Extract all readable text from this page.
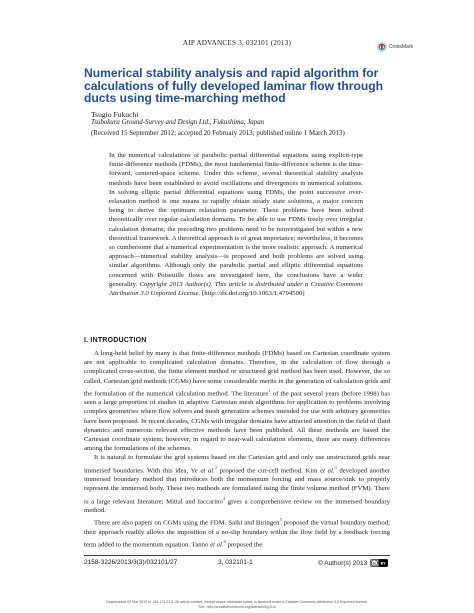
AIP ADVANCES 3, 032101 (2013)	CrossMark
Numerical stability analysis and rapid algorithm for calculations of fully developed laminar flow through ducts using time-marching method
Tsugio Fukuchi
Tsubokura Ground-Survey and Design Ltd., Fukushima, Japan
(Received 15 September 2012; accepted 20 February 2013; published online 1 March 2013)
In the numerical calculations of parabolic partial differential equations using explicit-type finite-difference methods (FDMs), the most fundamental finite-difference scheme is the time-forward, centered-space scheme. Under this scheme, several theoretical stability analysis methods have been established to avoid oscillations and divergences in numerical solutions. In solving elliptic partial differential equations using FDMs, the point successive over-relaxation method is one means to rapidly obtain steady state solutions, a major concern being to derive the optimum relaxation parameter. These problems have been solved theoretically over regular calculation domains. To be able to use FDMs freely over irregular calculation domains, the preceding two problems need to be reinvestigated but within a new theoretical framework. A theoretical approach is of great importance; nevertheless, it becomes so cumbersome that a numerical experimentation is the more realistic approach. A numerical approach—numerical stability analysis—is proposed and both problems are solved using similar algorithms. Although only the parabolic partial and elliptic differential equations concerned with Poiseuille flows are investigated here, the conclusions have a wider generality. Copyright 2013 Author(s). This article is distributed under a Creative Commons Attribution 3.0 Unported License. [http://dx.doi.org/10.1063/1.4794500]
I. INTRODUCTION

A long-held belief by many is that finite-difference methods (FDMs) based on Cartesian coordinate system are not applicable to complicated calculation domains. Therefore, in the calculation of flow through a complicated cross-section, the finite element method or structured grid method has been used. However, the so called, Cartesian grid methods (CGMs) have some considerable merits in the generation of calculation grids and the formulation of the numerical calculation method. The literature$^1$ of the past several years (before 1998) has seen a large proportion of studies in adaptive Cartesian mesh algorithms for application to problems involving complex geometries where flow solvers and mesh generation schemes intended for use with arbitrary geometries have been proposed. In recent decades, CGMs with irregular domains have attracted attention in the field of fluid dynamics and numerous relevant effective methods have been published. All these methods are based the Cartesian coordinate system; however, in regard to near-wall calculation elements, there are many differences among the formulations of the schemes.

It is natural to formulate the grid systems based on the Cartesian grid and only use unstructured grids near immersed boundaries. With this idea, Ye et al.$^2$ proposed the cut-cell method. Kim et al.$^3$ developed another immersed boundary method that introduces both the momentum forcing and mass source/sink to properly represent the immersed body. These two methods are formulated using the finite volume method (FVM). There is a large relevant literature; Mittal and Iaccarino$^4$ gives a comprehensive review on the immersed boundary method.

There are also papers on CGMs using the FDM. Saiki and Biringen$^5$ proposed the virtual boundary method; their approach readily allows the imposition of a no-slip boundary within the flow field by a feedback forcing term added to the momentum equation. Tanno et al.$^6$ proposed the

2158-3226/2013/3(3)/032101/27	3, 032101-1	© Author(s) 2013 cc BY
Downloaded 09 Mar 2013 to 129.174.21.5. All article content, except where otherwise noted, is licensed under a Creative Commons Attribution 3.0 Unported license.
See: http://creativecommons.org/licenses/by/3.0/
